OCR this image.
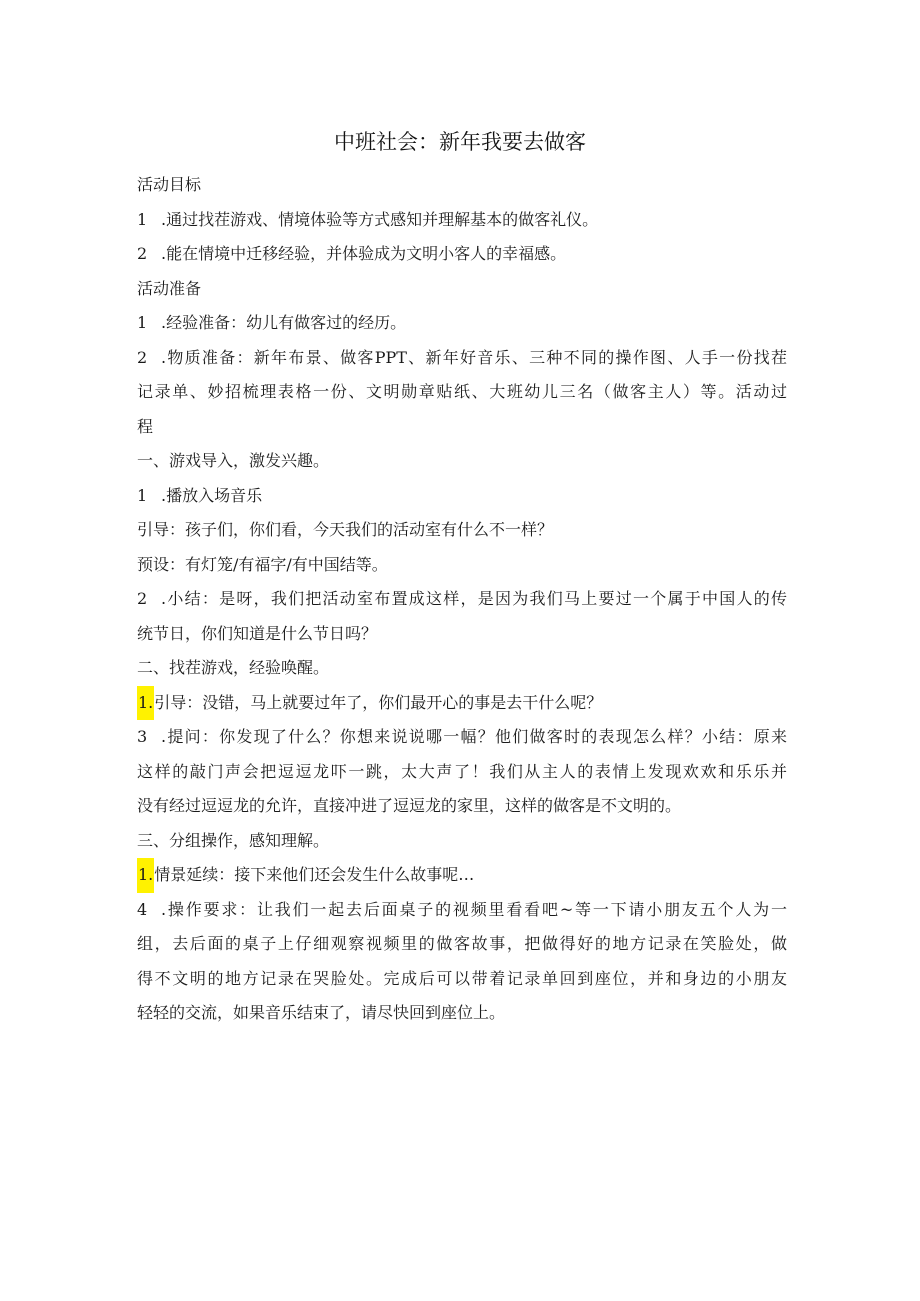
中班社会：新年我要去做客
活动目标
1 .通过找茬游戏、情境体验等方式感知并理解基本的做客礼仪。
2 .能在情境中迁移经验，并体验成为文明小客人的幸福感。
活动准备
1 .经验准备：幼儿有做客过的经历。
2 .物质准备：新年布景、做客PPT、新年好音乐、三种不同的操作图、人手一份找茬
记录单、妙招梳理表格一份、文明勋章贴纸、大班幼儿三名（做客主人）等。活动过
程
一、游戏导入，激发兴趣。
1 .播放入场音乐
引导：孩子们，你们看，今天我们的活动室有什么不一样？
预设：有灯笼/有福字/有中国结等。
2 .小结：是呀，我们把活动室布置成这样，是因为我们马上要过一个属于中国人的传
统节日，你们知道是什么节日吗？
二、找茬游戏，经验唤醒。
1.引导：没错，马上就要过年了，你们最开心的事是去干什么呢？
3 .提问：你发现了什么？你想来说说哪一幅？他们做客时的表现怎么样？小结：原来
这样的敲门声会把逗逗龙吓一跳，太大声了！我们从主人的表情上发现欢欢和乐乐并
没有经过逗逗龙的允许，直接冲进了逗逗龙的家里，这样的做客是不文明的。
三、分组操作，感知理解。
1.情景延续：接下来他们还会发生什么故事呢…
4 .操作要求：让我们一起去后面桌子的视频里看看吧~等一下请小朋友五个人为一
组，去后面的桌子上仔细观察视频里的做客故事，把做得好的地方记录在笑脸处，做
得不文明的地方记录在哭脸处。完成后可以带着记录单回到座位，并和身边的小朋友
轻轻的交流，如果音乐结束了，请尽快回到座位上。
